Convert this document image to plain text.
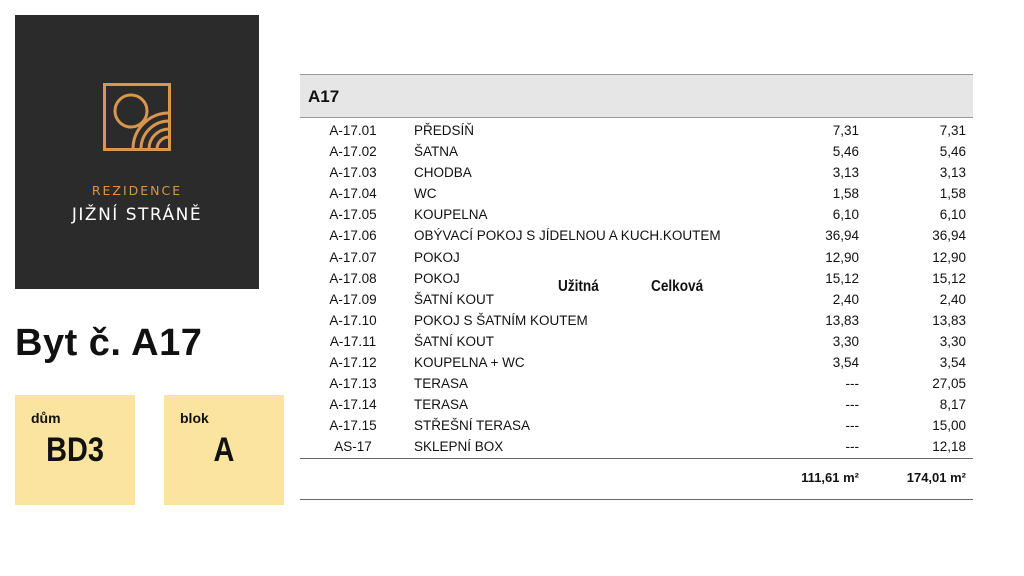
REZIDENCE
JIŽNÍ STRÁNĚ
Byt č. A17
dům
BD3
blok
A
A17
A-17.01	PŘEDSÍŇ	7,31	7,31
A-17.02	ŠATNA	5,46	5,46
A-17.03	CHODBA	3,13	3,13
A-17.04	WC	1,58	1,58
A-17.05	KOUPELNA	6,10	6,10
A-17.06	OBÝVACÍ POKOJ S JÍDELNOU A KUCH.KOUTEM	36,94	36,94
A-17.07	POKOJ	12,90	12,90
A-17.08	POKOJ	15,12	15,12
A-17.09	ŠATNÍ KOUT	2,40	2,40
A-17.10	POKOJ S ŠATNÍM KOUTEM	13,83	13,83
A-17.11	ŠATNÍ KOUT	3,30	3,30
A-17.12	KOUPELNA + WC	3,54	3,54
A-17.13	TERASA	---	27,05
A-17.14	TERASA	---	8,17
A-17.15	STŘEŠNÍ TERASA	---	15,00
AS-17	SKLEPNÍ BOX	---	12,18
Užitná	Celková
111,61 m²	174,01 m²
